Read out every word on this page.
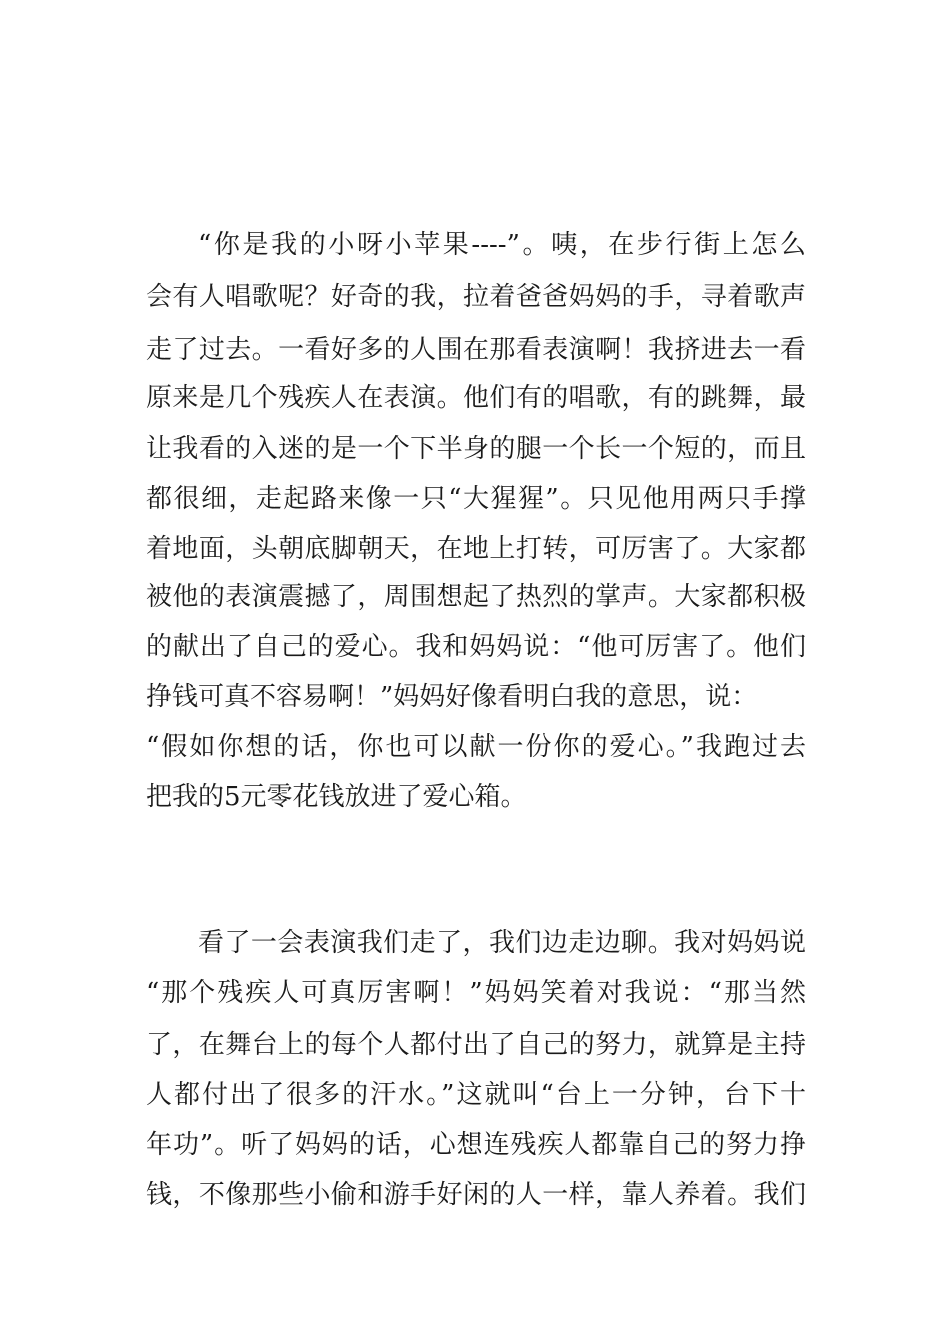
“你是我的小呀小苹果----”。咦，在步行街上怎么
会有人唱歌呢？好奇的我，拉着爸爸妈妈的手，寻着歌声
走了过去。一看好多的人围在那看表演啊！我挤进去一看
原来是几个残疾人在表演。他们有的唱歌，有的跳舞，最
让我看的入迷的是一个下半身的腿一个长一个短的，而且
都很细，走起路来像一只“大猩猩”。只见他用两只手撑
着地面，头朝底脚朝天，在地上打转，可厉害了。大家都
被他的表演震撼了，周围想起了热烈的掌声。大家都积极
的献出了自己的爱心。我和妈妈说：“他可厉害了。他们
挣钱可真不容易啊！”妈妈好像看明白我的意思，说：
“假如你想的话，你也可以献一份你的爱心。”我跑过去
把我的5元零花钱放进了爱心箱。
看了一会表演我们走了，我们边走边聊。我对妈妈说
“那个残疾人可真厉害啊！”妈妈笑着对我说：“那当然
了，在舞台上的每个人都付出了自己的努力，就算是主持
人都付出了很多的汗水。”这就叫“台上一分钟，台下十
年功”。听了妈妈的话，心想连残疾人都靠自己的努力挣
钱，不像那些小偷和游手好闲的人一样，靠人养着。我们
